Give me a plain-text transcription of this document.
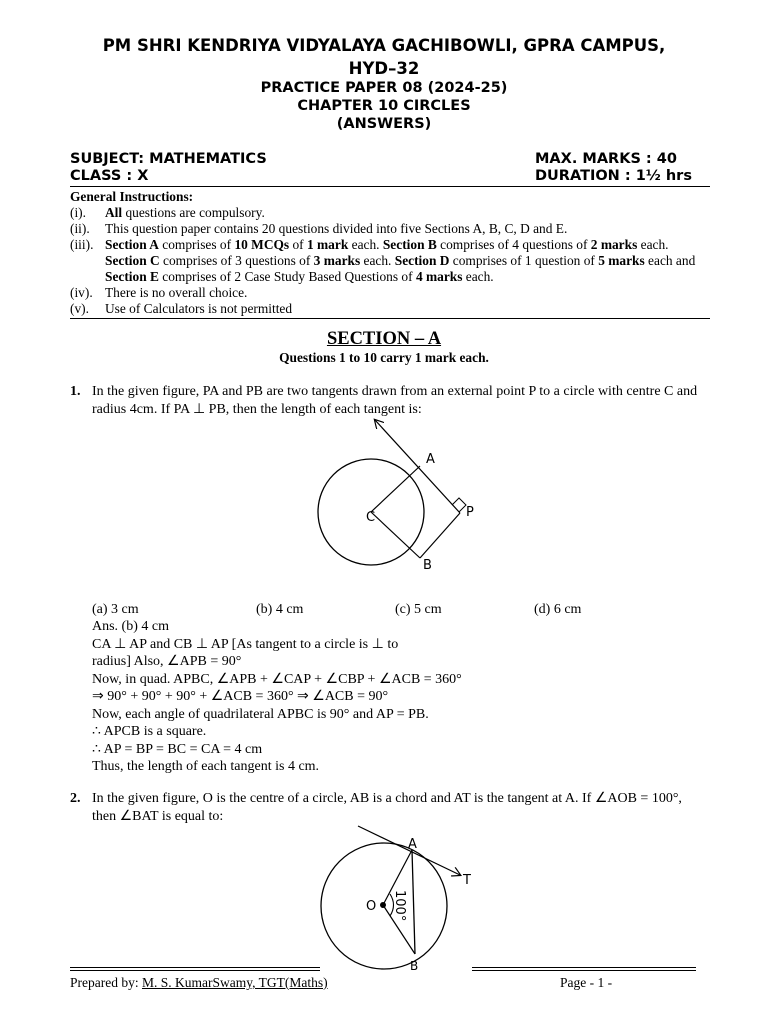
PM SHRI KENDRIYA VIDYALAYA GACHIBOWLI, GPRA CAMPUS,
HYD–32
PRACTICE PAPER 08 (2024-25)
CHAPTER 10 CIRCLES
(ANSWERS)
SUBJECT: MATHEMATICS	MAX. MARKS : 40
CLASS : X	DURATION : 1½ hrs
General Instructions:
(i). All questions are compulsory.
(ii). This question paper contains 20 questions divided into five Sections A, B, C, D and E.
(iii). Section A comprises of 10 MCQs of 1 mark each. Section B comprises of 4 questions of 2 marks each. Section C comprises of 3 questions of 3 marks each. Section D comprises of 1 question of 5 marks each and Section E comprises of 2 Case Study Based Questions of 4 marks each.
(iv). There is no overall choice.
(v). Use of Calculators is not permitted
SECTION – A
Questions 1 to 10 carry 1 mark each.
1. In the given figure, PA and PB are two tangents drawn from an external point P to a circle with centre C and radius 4cm. If PA ⊥ PB, then the length of each tangent is:
A
B
C	P
(a) 3 cm	(b) 4 cm	(c) 5 cm	(d) 6 cm
Ans. (b) 4 cm
CA ⊥ AP and CB ⊥ AP [As tangent to a circle is ⊥ to
radius] Also, ∠APB = 90°
Now, in quad. APBC, ∠APB + ∠CAP + ∠CBP + ∠ACB = 360°
⇒ 90° + 90° + 90° + ∠ACB = 360° ⇒ ∠ACB = 90°
Now, each angle of quadrilateral APBC is 90° and AP = PB.
∴ APCB is a square.
∴ AP = BP = BC = CA = 4 cm
Thus, the length of each tangent is 4 cm.
2. In the given figure, O is the centre of a circle, AB is a chord and AT is the tangent at A. If ∠AOB = 100°, then ∠BAT is equal to:
100°
O
A
T
B
Prepared by: M. S. KumarSwamy, TGT(Maths)	Page - 1 -
